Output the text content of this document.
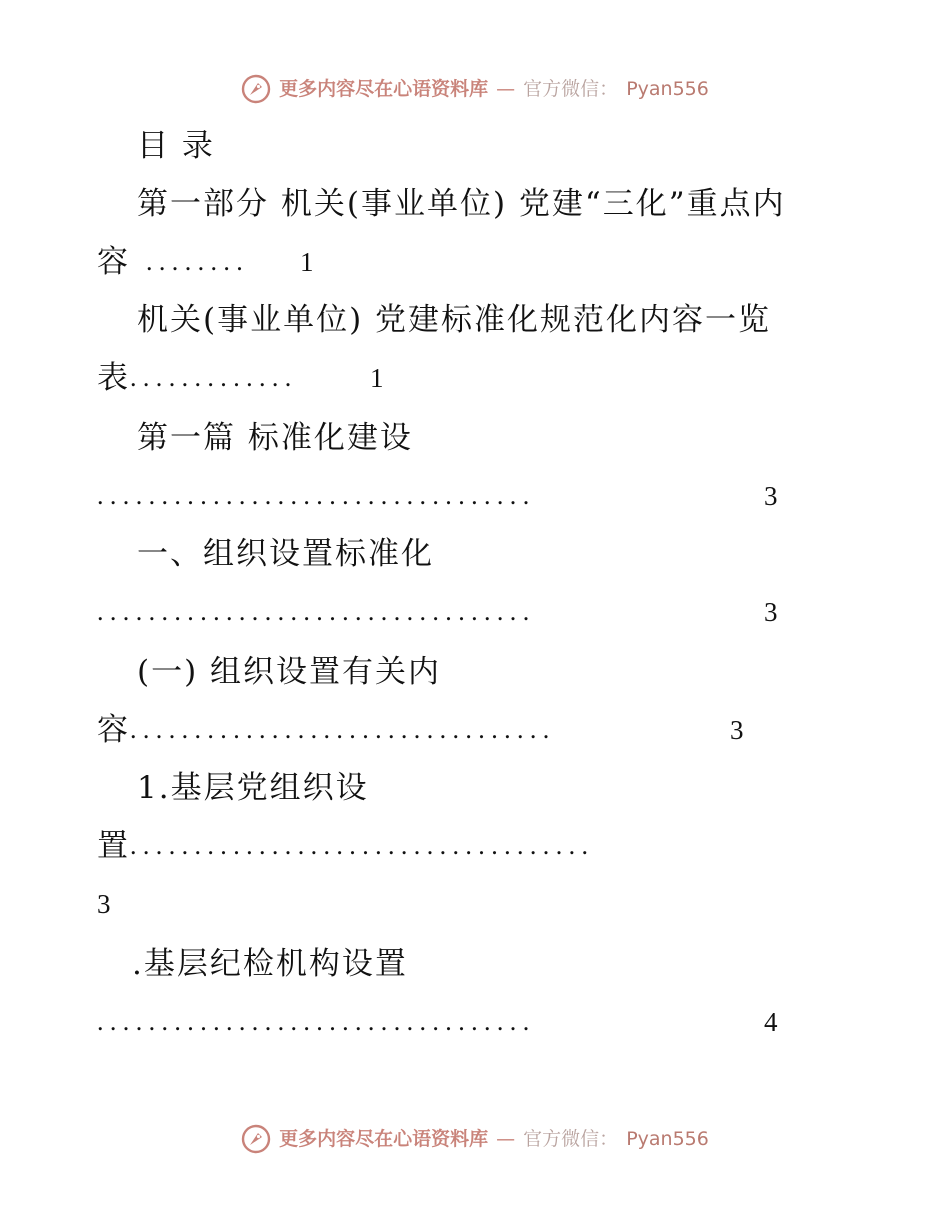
更多内容尽在心语资料库 — 官方微信： Pyan556
目 录
第一部分 机关(事业单位) 党建“三化”重点内
容 ........ 1
机关(事业单位) 党建标准化规范化内容一览
表 .............	1
第一篇 标准化建设
..................................	3
一、组织设置标准化
..................................	3
(一) 组织设置有关内
容 .................................	3
1.基层党组织设
置 ....................................
3
.基层纪检机构设置
..................................	4
更多内容尽在心语资料库 — 官方微信： Pyan556
